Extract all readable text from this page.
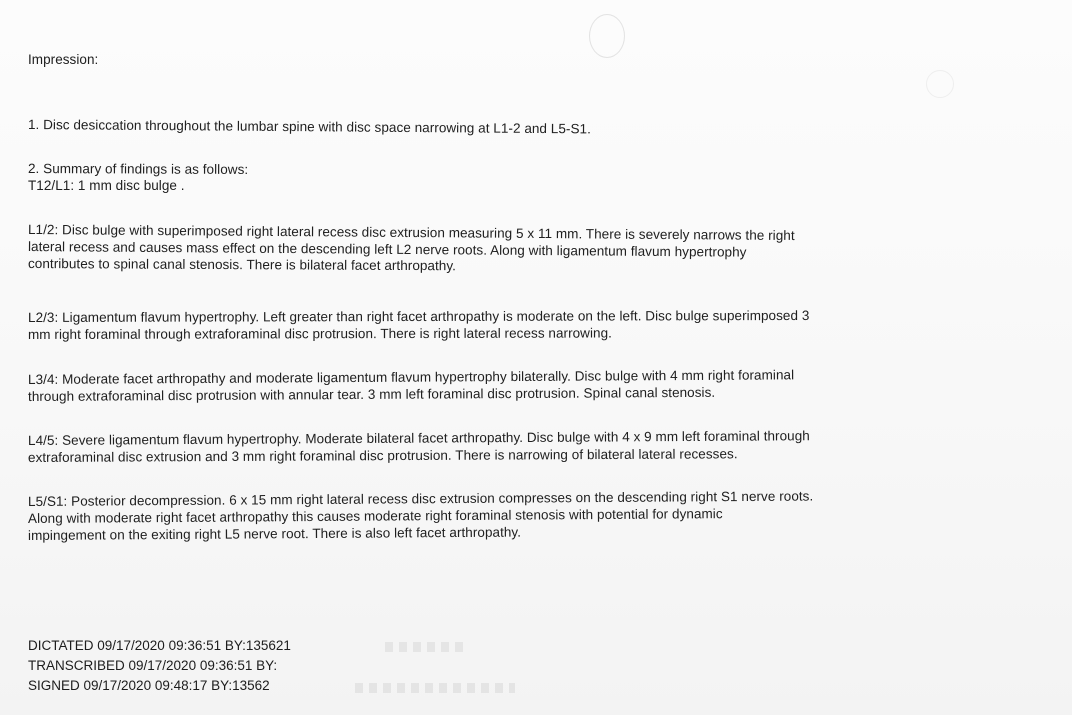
Impression:
1. Disc desiccation throughout the lumbar spine with disc space narrowing at L1-2 and L5-S1.
2. Summary of findings is as follows:
T12/L1: 1 mm disc bulge .
L1/2: Disc bulge with superimposed right lateral recess disc extrusion measuring 5 x 11 mm. There is severely narrows the right
lateral recess and causes mass effect on the descending left L2 nerve roots. Along with ligamentum flavum hypertrophy
contributes to spinal canal stenosis. There is bilateral facet arthropathy.
L2/3: Ligamentum flavum hypertrophy. Left greater than right facet arthropathy is moderate on the left. Disc bulge superimposed 3
mm right foraminal through extraforaminal disc protrusion. There is right lateral recess narrowing.
L3/4: Moderate facet arthropathy and moderate ligamentum flavum hypertrophy bilaterally. Disc bulge with 4 mm right foraminal
through extraforaminal disc protrusion with annular tear. 3 mm left foraminal disc protrusion. Spinal canal stenosis.
L4/5: Severe ligamentum flavum hypertrophy. Moderate bilateral facet arthropathy. Disc bulge with 4 x 9 mm left foraminal through
extraforaminal disc extrusion and 3 mm right foraminal disc protrusion. There is narrowing of bilateral lateral recesses.
L5/S1: Posterior decompression. 6 x 15 mm right lateral recess disc extrusion compresses on the descending right S1 nerve roots.
Along with moderate right facet arthropathy this causes moderate right foraminal stenosis with potential for dynamic
impingement on the exiting right L5 nerve root. There is also left facet arthropathy.
DICTATED 09/17/2020 09:36:51 BY:135621
TRANSCRIBED 09/17/2020 09:36:51 BY:
SIGNED 09/17/2020 09:48:17 BY:13562
